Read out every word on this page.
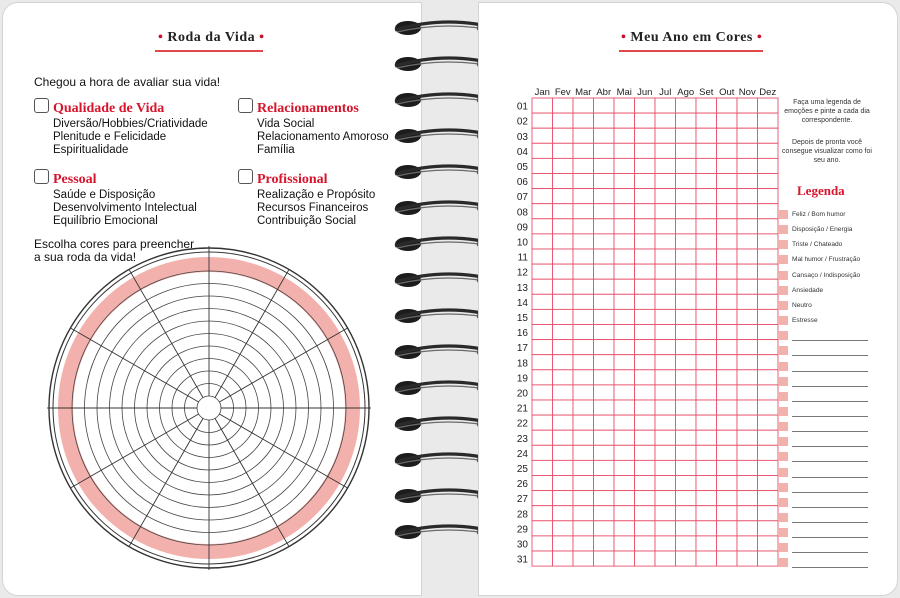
• Roda da Vida •
Chegou a hora de avaliar sua vida!
Qualidade de Vida
Diversão/Hobbies/Criatividade
Plenitude e Felicidade
Espiritualidade
Relacionamentos
Vida Social
Relacionamento Amoroso
Família
Pessoal
Saúde e Disposição
Desenvolvimento Intelectual
Equilíbrio Emocional
Profissional
Realização e Propósito
Recursos Financeiros
Contribuição Social
Escolha cores para preencher
a sua roda da vida!
• Meu Ano em Cores •
Jan Fev Mar Abr Mai Jun Jul Ago Set Out Nov Dez
01
02
03
04
05
06
07
08
09
10
11
12
13
14
15
16
17
18
19
20
21
22
23
24
25
26
27
28
29
30
31
Faça uma legenda de emoções e pinte a cada dia correspondente.
Depois de pronta você consegue visualizar como foi seu ano.
Legenda
Feliz / Bom humor
Disposição / Energia
Triste / Chateado
Mal humor / Frustração
Cansaço / Indisposição
Ansiedade
Neutro
Estresse
